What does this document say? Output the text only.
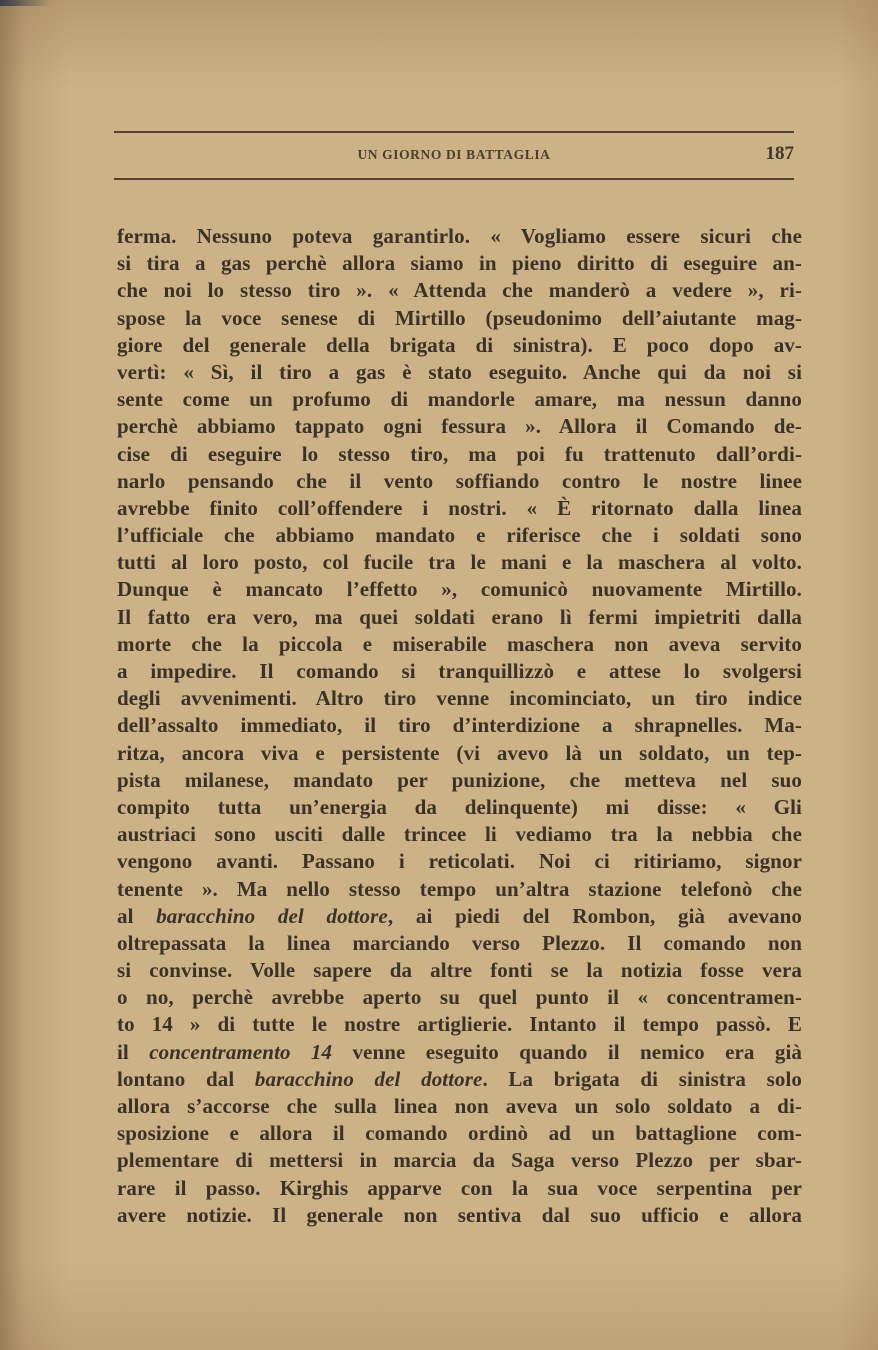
UN GIORNO DI BATTAGLIA	187
ferma. Nessuno poteva garantirlo. « Vogliamo essere sicuri che
si tira a gas perchè allora siamo in pieno diritto di eseguire an-
che noi lo stesso tiro ». « Attenda che manderò a vedere », ri-
spose la voce senese di Mirtillo (pseudonimo dell’aiutante mag-
giore del generale della brigata di sinistra). E poco dopo av-
vertì: « Sì, il tiro a gas è stato eseguito. Anche qui da noi si
sente come un profumo di mandorle amare, ma nessun danno
perchè abbiamo tappato ogni fessura ». Allora il Comando de-
cise di eseguire lo stesso tiro, ma poi fu trattenuto dall’ordi-
narlo pensando che il vento soffiando contro le nostre linee
avrebbe finito coll’offendere i nostri. « È ritornato dalla linea
l’ufficiale che abbiamo mandato e riferisce che i soldati sono
tutti al loro posto, col fucile tra le mani e la maschera al volto.
Dunque è mancato l’effetto », comunicò nuovamente Mirtillo.
Il fatto era vero, ma quei soldati erano lì fermi impietriti dalla
morte che la piccola e miserabile maschera non aveva servito
a impedire. Il comando si tranquillizzò e attese lo svolgersi
degli avvenimenti. Altro tiro venne incominciato, un tiro indice
dell’assalto immediato, il tiro d’interdizione a shrapnelles. Ma-
ritza, ancora viva e persistente (vi avevo là un soldato, un tep-
pista milanese, mandato per punizione, che metteva nel suo
compito tutta un’energia da delinquente) mi disse: « Gli
austriaci sono usciti dalle trincee li vediamo tra la nebbia che
vengono avanti. Passano i reticolati. Noi ci ritiriamo, signor
tenente ». Ma nello stesso tempo un’altra stazione telefonò che
al baracchino del dottore, ai piedi del Rombon, già avevano
oltrepassata la linea marciando verso Plezzo. Il comando non
si convinse. Volle sapere da altre fonti se la notizia fosse vera
o no, perchè avrebbe aperto su quel punto il « concentramen-
to 14 » di tutte le nostre artiglierie. Intanto il tempo passò. E
il concentramento 14 venne eseguito quando il nemico era già
lontano dal baracchino del dottore. La brigata di sinistra solo
allora s’accorse che sulla linea non aveva un solo soldato a di-
sposizione e allora il comando ordinò ad un battaglione com-
plementare di mettersi in marcia da Saga verso Plezzo per sbar-
rare il passo. Kirghis apparve con la sua voce serpentina per
avere notizie. Il generale non sentiva dal suo ufficio e allora
